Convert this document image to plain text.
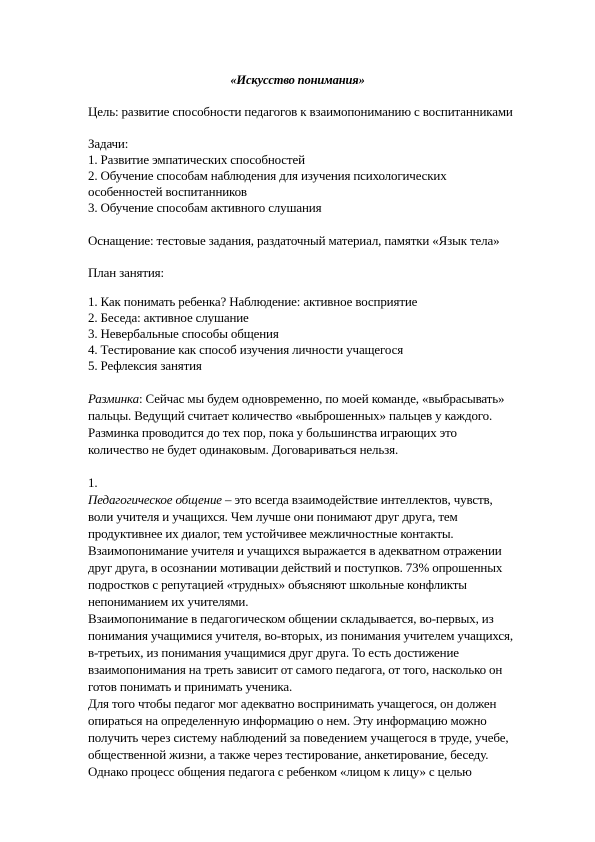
«Искусство понимания»
Цель: развитие способности педагогов к взаимопониманию с воспитанниками
Задачи:
1. Развитие эмпатических способностей
2. Обучение способам наблюдения для изучения психологических
особенностей воспитанников
3. Обучение способам активного слушания
Оснащение: тестовые задания, раздаточный материал, памятки «Язык тела»
План занятия:
1. Как понимать ребенка? Наблюдение: активное восприятие
2. Беседа: активное слушание
3. Невербальные способы общения
4. Тестирование как способ изучения личности учащегося
5. Рефлексия занятия
Разминка: Сейчас мы будем одновременно, по моей команде, «выбрасывать»
пальцы. Ведущий считает количество «выброшенных» пальцев у каждого.
Разминка проводится до тех пор, пока у большинства играющих это
количество не будет одинаковым. Договариваться нельзя.
1.
Педагогическое общение – это всегда взаимодействие интеллектов, чувств,
воли учителя и учащихся. Чем лучше они понимают друг друга, тем
продуктивнее их диалог, тем устойчивее межличностные контакты.
Взаимопонимание учителя и учащихся выражается в адекватном отражении
друг друга, в осознании мотивации действий и поступков. 73% опрошенных
подростков с репутацией «трудных» объясняют школьные конфликты
непониманием их учителями.
Взаимопонимание в педагогическом общении складывается, во-первых, из
понимания учащимися учителя, во-вторых, из понимания учителем учащихся,
в-третьих, из понимания учащимися друг друга. То есть достижение
взаимопонимания на треть зависит от самого педагога, от того, насколько он
готов понимать и принимать ученика.
Для того чтобы педагог мог адекватно воспринимать учащегося, он должен
опираться на определенную информацию о нем. Эту информацию можно
получить через систему наблюдений за поведением учащегося в труде, учебе,
общественной жизни, а также через тестирование, анкетирование, беседу.
Однако процесс общения педагога с ребенком «лицом к лицу» с целью
